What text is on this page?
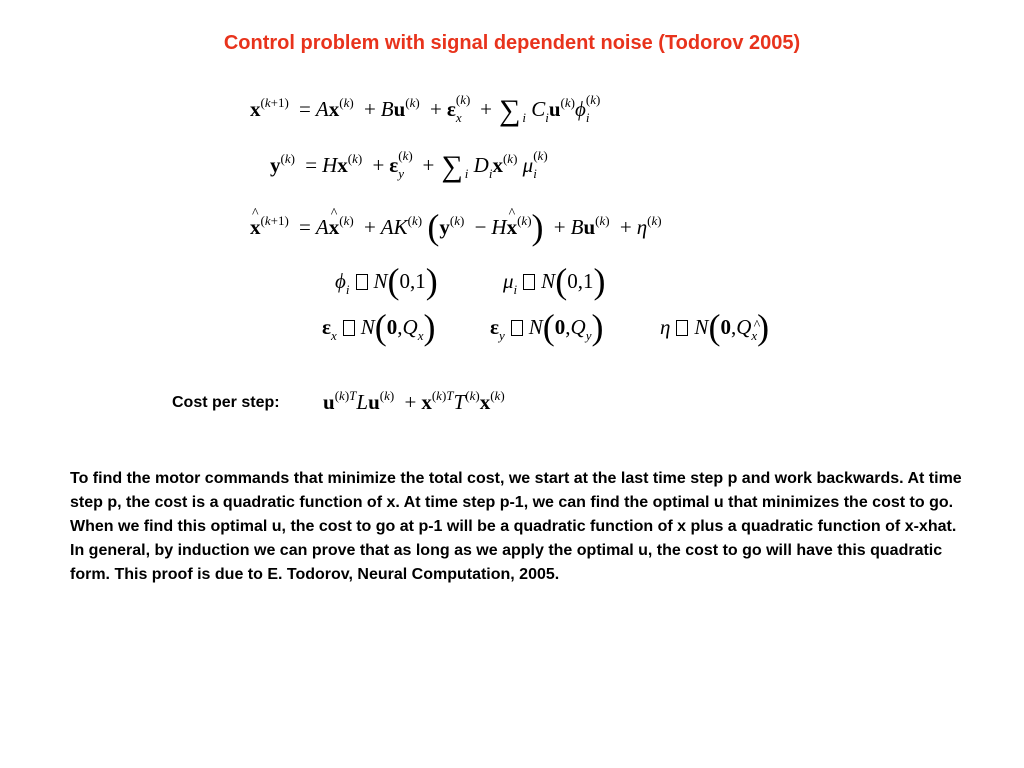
Control problem with signal dependent noise (Todorov 2005)
$x^{(k+1)} = Ax^{(k)} + Bu^{(k)} + \varepsilon$ (k)
x + ∑ $_i$ $C_iu^{(k)}\phi$ (k)
i
$y^{(k)} = Hx^{(k)} + \varepsilon$ (k)
y + ∑ $_i$ $D_ix^{(k)}$ μ (k)
i
^ $x^{(k+1)}$ = A^ $x^{(k)} + AK^{(k)}$ ($y^{(k)}$ − H^ $x^{(k)}) + Bu^{(k)} + \eta^{(k)}$
$\phi_i$ N(0,1)	$\mu_i$ N(0,1)
$\varepsilon_x$ $N(0,Q_x)$	$\varepsilon_y$ $N(0,Q_y)$	η N(0,Q^ $_x$)
Cost per step: $u^{(k)T}Lu^{(k)} + x^{(k)T}T^{(k)}x^{(k)}$
To find the motor commands that minimize the total cost, we start at the last time step p and work backwards. At time step p, the cost is a quadratic function of x. At time step p-1, we can find the optimal u that minimizes the cost to go. When we find this optimal u, the cost to go at p-1 will be a quadratic function of x plus a quadratic function of x-xhat. In general, by induction we can prove that as long as we apply the optimal u, the cost to go will have this quadratic form. This proof is due to E. Todorov, Neural Computation, 2005.
